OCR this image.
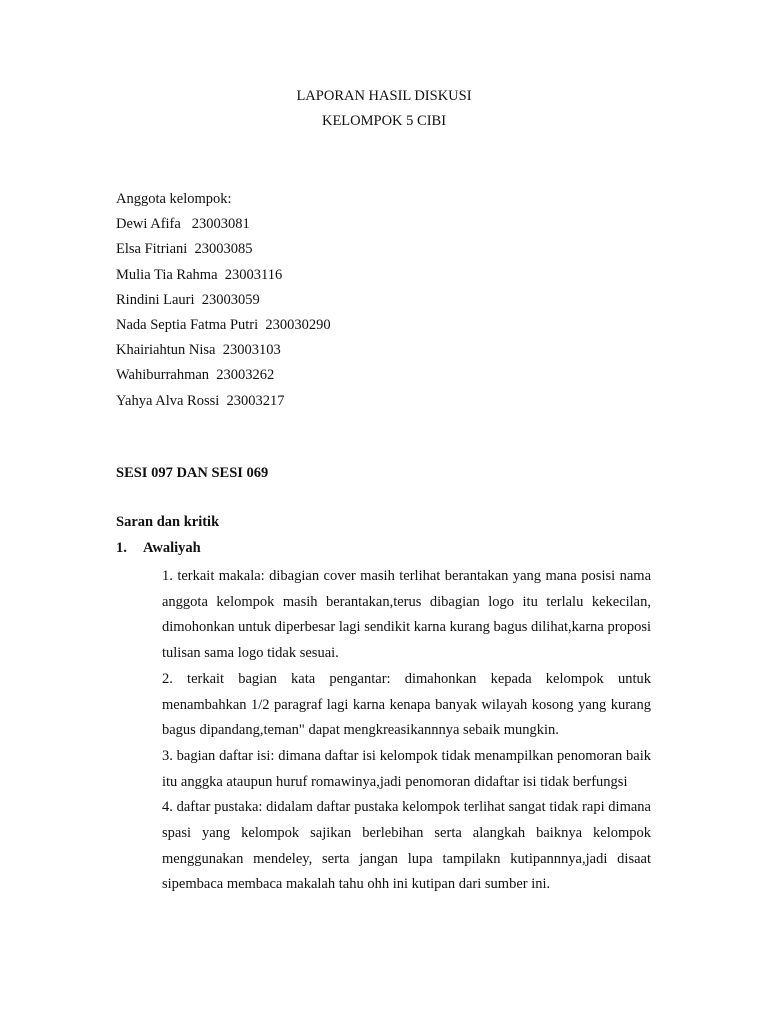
LAPORAN HASIL DISKUSI
KELOMPOK 5 CIBI
Anggota kelompok:
Dewi Afifa   23003081
Elsa Fitriani  23003085
Mulia Tia Rahma  23003116
Rindini Lauri  23003059
Nada Septia Fatma Putri  230030290
Khairiahtun Nisa  23003103
Wahiburrahman  23003262
Yahya Alva Rossi  23003217
SESI 097 DAN SESI 069
Saran dan kritik
1. Awaliyah

1. terkait makala: dibagian cover masih terlihat berantakan yang mana posisi nama anggota kelompok masih berantakan,terus dibagian logo itu terlalu kekecilan, dimohonkan untuk diperbesar lagi sendikit karna kurang bagus dilihat,karna proposi tulisan sama logo tidak sesuai.

2. terkait bagian kata pengantar: dimahonkan kepada kelompok untuk menambahkan 1/2 paragraf lagi karna kenapa banyak wilayah kosong yang kurang bagus dipandang,teman" dapat mengkreasikannnya sebaik mungkin.

3. bagian daftar isi: dimana daftar isi kelompok tidak menampilkan penomoran baik itu anggka ataupun huruf romawinya,jadi penomoran didaftar isi tidak berfungsi

4. daftar pustaka: didalam daftar pustaka kelompok terlihat sangat tidak rapi dimana spasi yang kelompok sajikan berlebihan serta alangkah baiknya kelompok menggunakan mendeley, serta jangan lupa tampilakn kutipannnya,jadi disaat sipembaca membaca makalah tahu ohh ini kutipan dari sumber ini.
